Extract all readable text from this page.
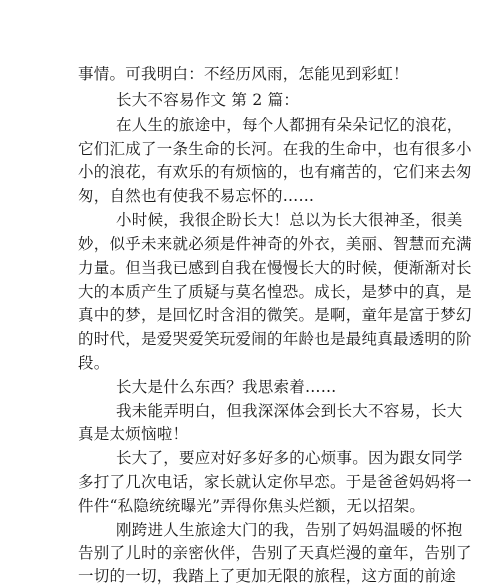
事情。可我明白：不经历风雨，怎能见到彩虹！
长大不容易作文 第 2 篇：
在人生的旅途中，每个人都拥有朵朵记忆的浪花，
它们汇成了一条生命的长河。在我的生命中，也有很多小
小的浪花，有欢乐的有烦恼的，也有痛苦的，它们来去匆
匆，自然也有使我不易忘怀的……
小时候，我很企盼长大！总以为长大很神圣，很美
妙，似乎未来就必须是件神奇的外衣，美丽、智慧而充满
力量。但当我已感到自我在慢慢长大的时候，便渐渐对长
大的本质产生了质疑与莫名惶恐。成长，是梦中的真，是
真中的梦，是回忆时含泪的微笑。是啊，童年是富于梦幻
的时代，是爱哭爱笑玩爱闹的年龄也是最纯真最透明的阶
段。
长大是什么东西？我思索着……
我未能弄明白，但我深深体会到长大不容易，长大
真是太烦恼啦！
长大了，要应对好多好多的心烦事。因为跟女同学
多打了几次电话，家长就认定你早恋。于是爸爸妈妈将一
件件“私隐统统曝光”弄得你焦头烂额，无以招架。
刚跨进人生旅途大门的我，告别了妈妈温暖的怀抱
告别了儿时的亲密伙伴，告别了天真烂漫的童年，告别了
一切的一切，我踏上了更加无限的旅程，这方面的前途
